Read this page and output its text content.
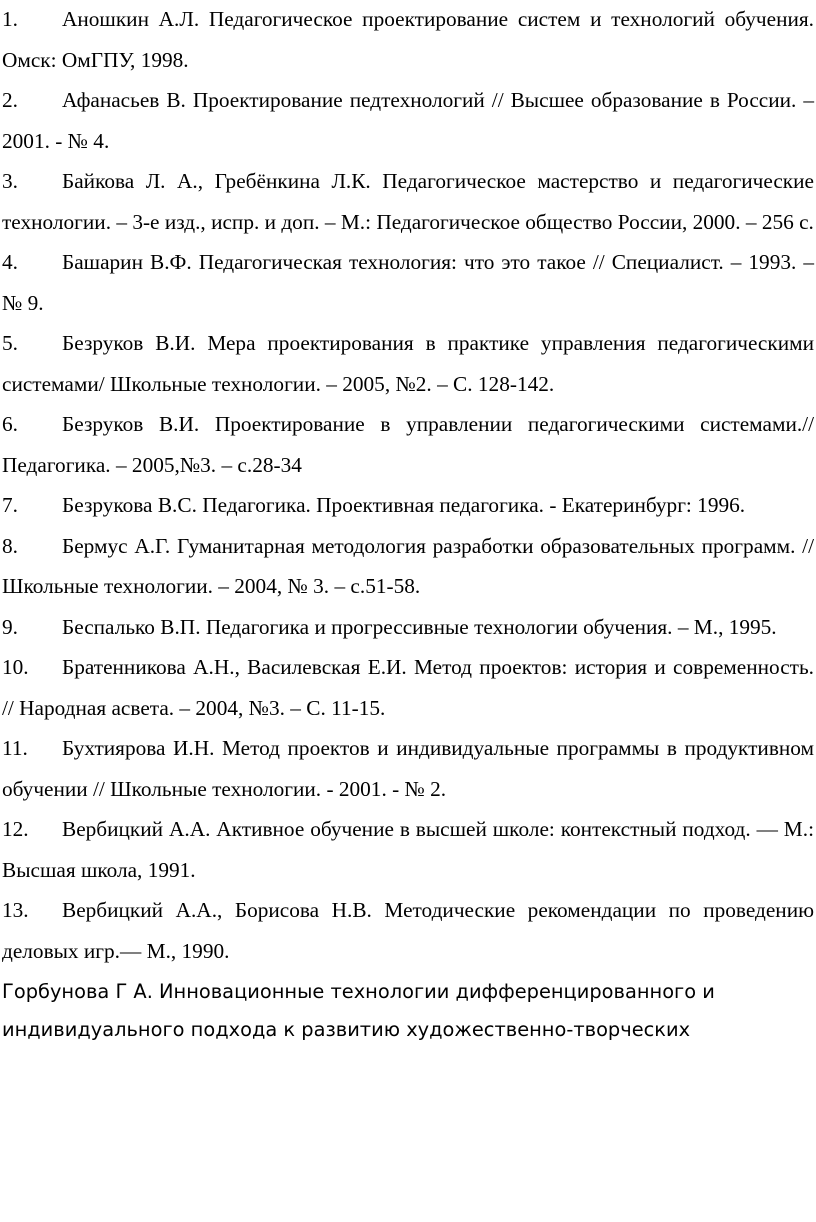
1. Аношкин А.Л. Педагогическое проектирование систем и технологий обучения. Омск: ОмГПУ, 1998.
2. Афанасьев В. Проектирование педтехнологий // Высшее образование в России. – 2001. - № 4.
3. Байкова Л. А., Гребёнкина Л.К. Педагогическое мастерство и педагогические технологии. – 3-е изд., испр. и доп. – М.: Педагогическое общество России, 2000. – 256 с.
4. Башарин В.Ф. Педагогическая технология: что это такое // Специалист. – 1993. – № 9.
5. Безруков В.И. Мера проектирования в практике управления педагогическими системами/ Школьные технологии. – 2005, №2. – С. 128-142.
6. Безруков В.И. Проектирование в управлении педагогическими системами.// Педагогика. – 2005,№3. – с.28-34
7. Безрукова В.С. Педагогика. Проективная педагогика. - Екатеринбург: 1996.
8. Бермус А.Г. Гуманитарная методология разработки образовательных программ. // Школьные технологии. – 2004, № 3. – с.51-58.
9. Беспалько В.П. Педагогика и прогрессивные технологии обучения. – М., 1995.
10. Братенникова А.Н., Василевская Е.И. Метод проектов: история и современность. // Народная асвета. – 2004, №3. – С. 11-15.
11. Бухтиярова И.Н. Метод проектов и индивидуальные программы в продуктивном обучении // Школьные технологии. - 2001. - № 2.
12. Вербицкий А.А. Активное обучение в высшей школе: контекстный подход. — М.: Высшая школа, 1991.
13. Вербицкий А.А., Борисова Н.В. Методические рекомендации по проведению деловых игр.— М., 1990.

Горбунова Г А. Инновационные технологии дифференцированного и индивидуального подхода к развитию художественно-творческих
